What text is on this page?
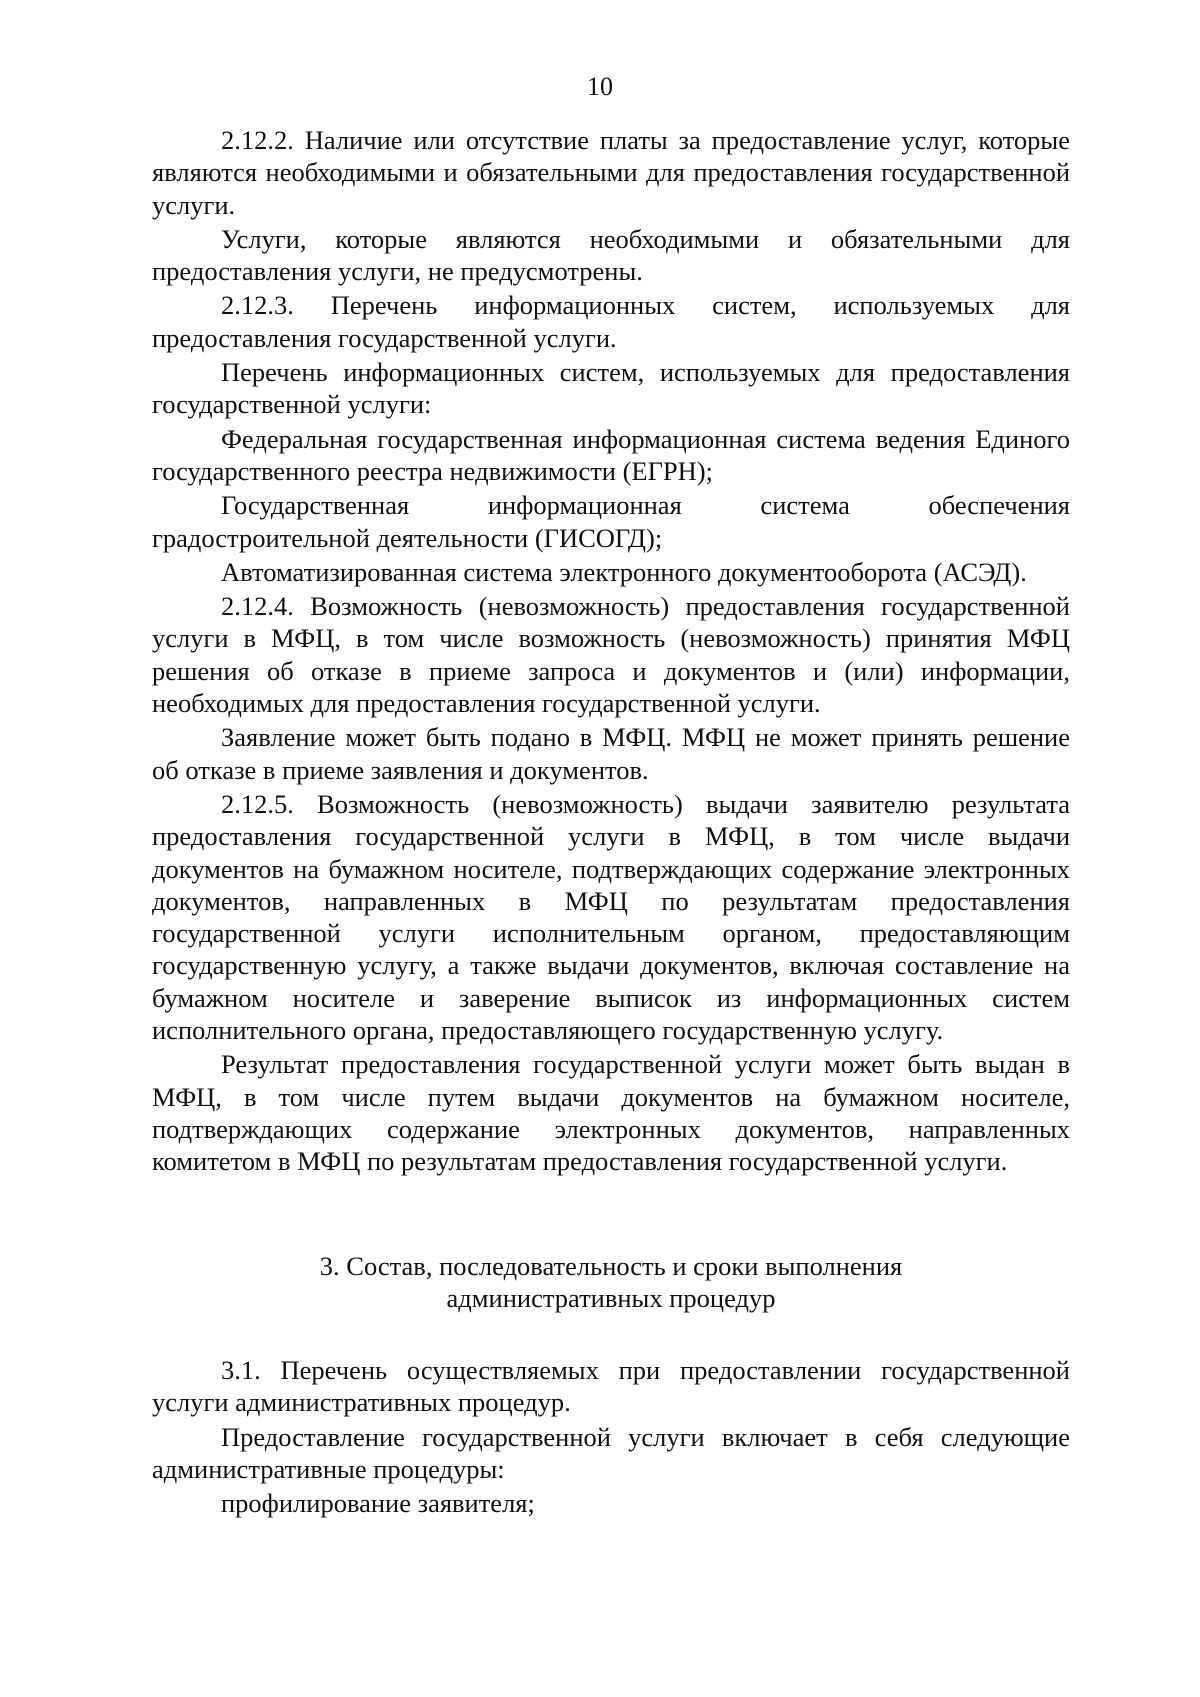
10

2.12.2. Наличие или отсутствие платы за предоставление услуг, которые являются необходимыми и обязательными для предоставления государственной услуги.

Услуги, которые являются необходимыми и обязательными для предоставления услуги, не предусмотрены.

2.12.3. Перечень информационных систем, используемых для предоставления государственной услуги.

Перечень информационных систем, используемых для предоставления государственной услуги:

Федеральная государственная информационная система ведения Единого государственного реестра недвижимости (ЕГРН);

Государственная информационная система обеспечения градостроительной деятельности (ГИСОГД);

Автоматизированная система электронного документооборота (АСЭД).

2.12.4. Возможность (невозможность) предоставления государственной услуги в МФЦ, в том числе возможность (невозможность) принятия МФЦ решения об отказе в приеме запроса и документов и (или) информации, необходимых для предоставления государственной услуги.

Заявление может быть подано в МФЦ. МФЦ не может принять решение об отказе в приеме заявления и документов.

2.12.5. Возможность (невозможность) выдачи заявителю результата предоставления государственной услуги в МФЦ, в том числе выдачи документов на бумажном носителе, подтверждающих содержание электронных документов, направленных в МФЦ по результатам предоставления государственной услуги исполнительным органом, предоставляющим государственную услугу, а также выдачи документов, включая составление на бумажном носителе и заверение выписок из информационных систем исполнительного органа, предоставляющего государственную услугу.

Результат предоставления государственной услуги может быть выдан в МФЦ, в том числе путем выдачи документов на бумажном носителе, подтверждающих содержание электронных документов, направленных комитетом в МФЦ по результатам предоставления государственной услуги.

3. Состав, последовательность и сроки выполнения
административных процедур

3.1. Перечень осуществляемых при предоставлении государственной услуги административных процедур.

Предоставление государственной услуги включает в себя следующие административные процедуры:

профилирование заявителя;
